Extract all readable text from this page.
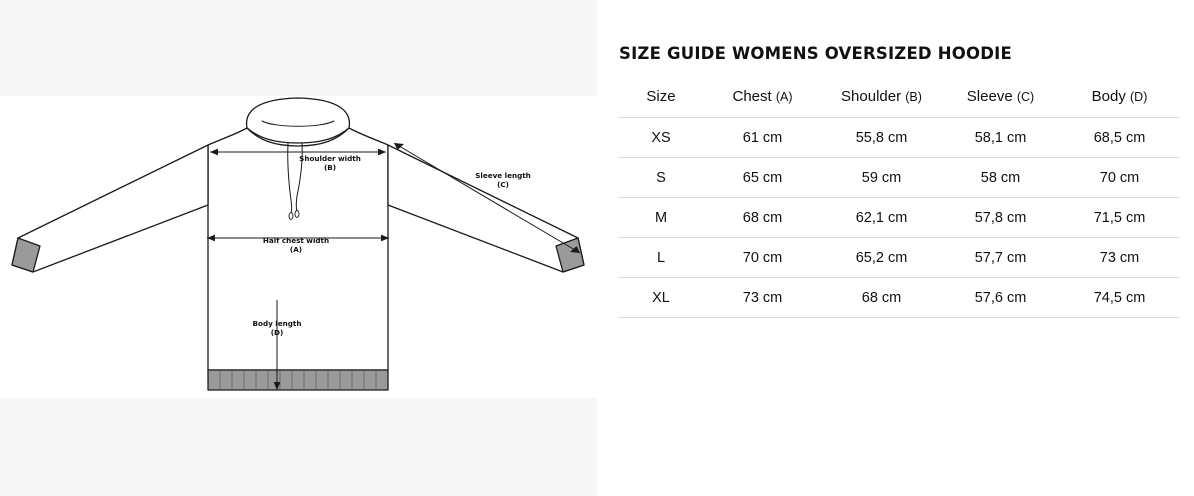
Shoulder width
(B)
Sleeve length
(C)
Half chest width
(A)
Body length
(D)
SIZE GUIDE WOMENS OVERSIZED HOODIE
Size	Chest (A)	Shoulder (B)	Sleeve (C)	Body (D)
XS	61 cm	55,8 cm	58,1 cm	68,5 cm
S	65 cm	59 cm	58 cm	70 cm
M	68 cm	62,1 cm	57,8 cm	71,5 cm
L	70 cm	65,2 cm	57,7 cm	73 cm
XL	73 cm	68 cm	57,6 cm	74,5 cm
